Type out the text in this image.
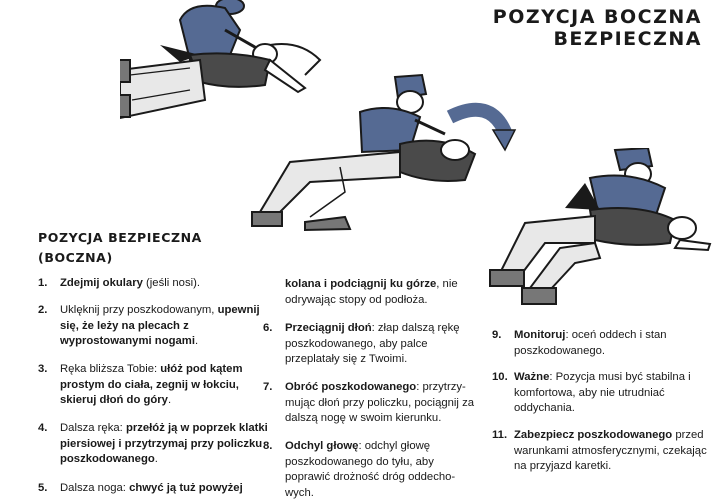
POZYCJA BOCZNA
BEZPIECZNA
POZYCJA BEZPIECZNA
(BOCZNA)
1.	Zdejmij okulary (jeśli nosi).
2.	Uklęknij przy poszkodowanym, upewnij się, że leży na plecach z wyprostowanymi nogami.
3.	Ręka bliższa Tobie: ułóż pod kątem prostym do ciała, zegnij w łokciu, skieruj dłoń do góry.
4.	Dalsza ręka: przełóż ją w poprzek klatki piersiowej i przytrzymaj przy policzku poszkodowanego.
5.	Dalsza noga: chwyć ją tuż powyżej
kolana i podciągnij ku górze, nie odrywając stopy od podłoża.
6.	Przeciągnij dłoń: złap dalszą rękę poszkodowanego, aby palce przeplatały się z Twoimi.
7.	Obróć poszkodowanego: przytrzy-mując dłoń przy policzku, pociągnij za dalszą nogę w swoim kierunku.
8.	Odchyl głowę: odchyl głowę poszkodowanego do tyłu, aby poprawić drożność dróg oddecho-wych.
9.	Monitoruj: oceń oddech i stan poszkodowanego.
10. Ważne: Pozycja musi być stabilna i komfortowa, aby nie utrudniać oddychania.
11. Zabezpiecz poszkodowanego przed warunkami atmosferycznymi, czekając na przyjazd karetki.
